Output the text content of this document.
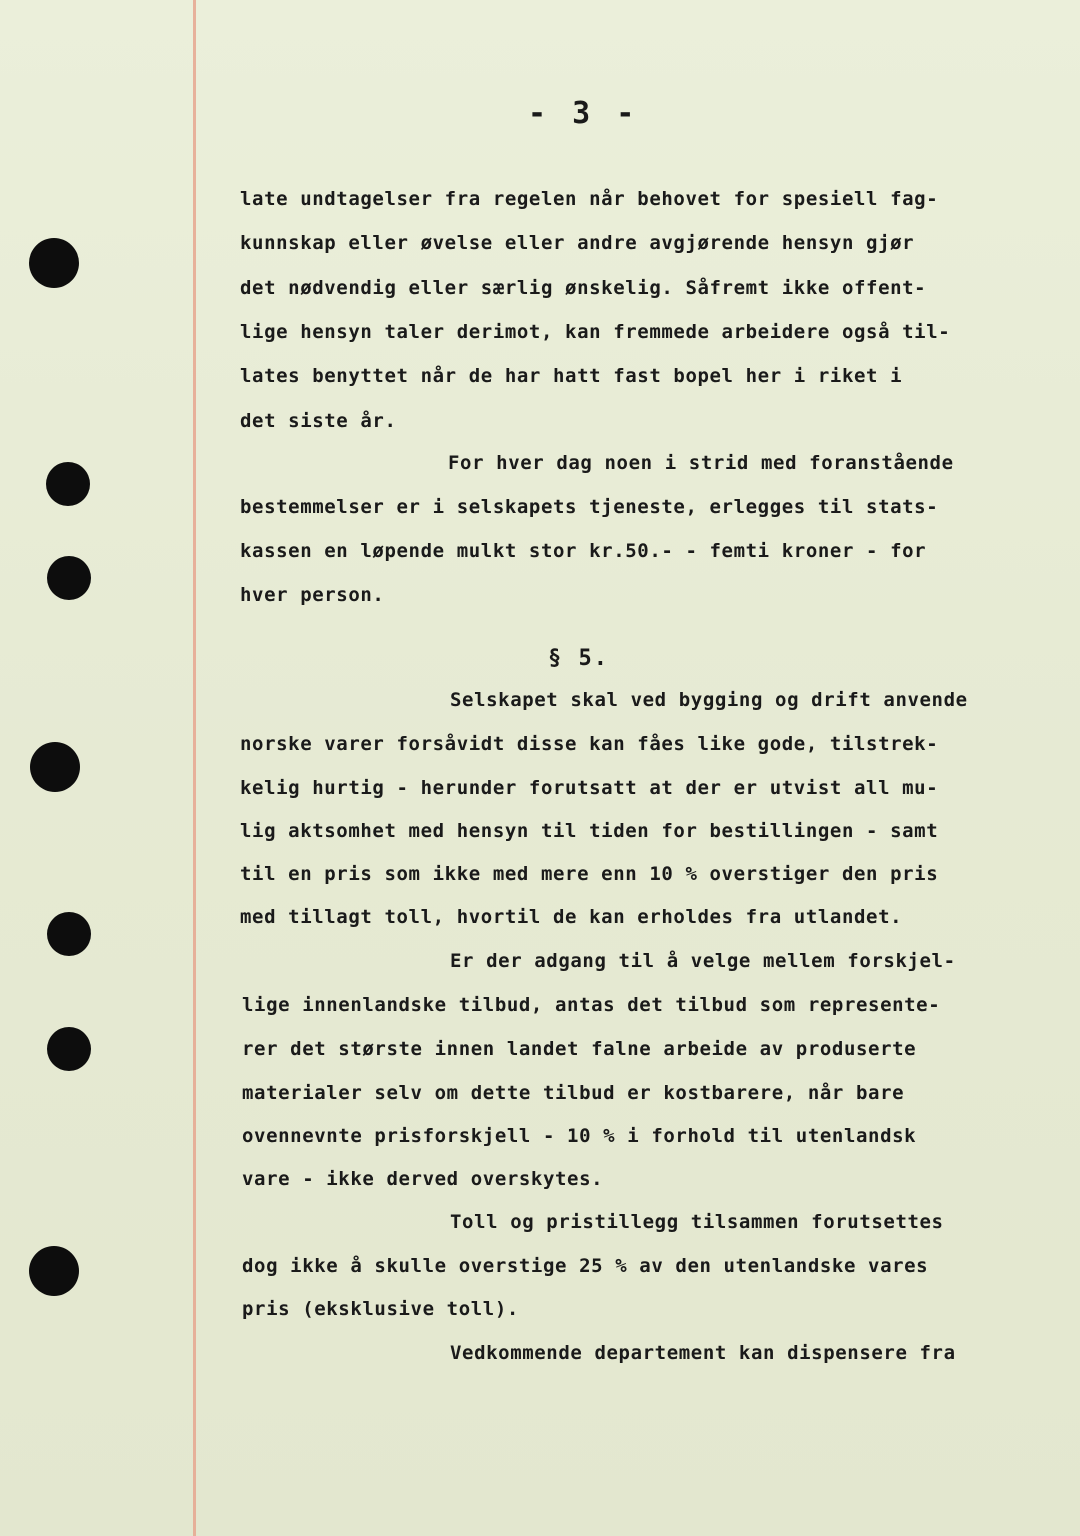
- 3 -
late undtagelser fra regelen når behovet for spesiell fag-
kunnskap eller øvelse eller andre avgjørende hensyn gjør
det nødvendig eller særlig ønskelig. Såfremt ikke offent-
lige hensyn taler derimot, kan fremmede arbeidere også til-
lates benyttet når de har hatt fast bopel her i riket i
det siste år.
For hver dag noen i strid med foranstående
bestemmelser er i selskapets tjeneste, erlegges til stats-
kassen en løpende mulkt stor kr.50.- - femti kroner - for
hver person.
§ 5.
Selskapet skal ved bygging og drift anvende
norske varer forsåvidt disse kan fåes like gode, tilstrek-
kelig hurtig - herunder forutsatt at der er utvist all mu-
lig aktsomhet med hensyn til tiden for bestillingen - samt
til en pris som ikke med mere enn 10 % overstiger den pris
med tillagt toll, hvortil de kan erholdes fra utlandet.
Er der adgang til å velge mellem forskjel-
lige innenlandske tilbud, antas det tilbud som represente-
rer det største innen landet falne arbeide av produserte
materialer selv om dette tilbud er kostbarere, når bare
ovennevnte prisforskjell - 10 % i forhold til utenlandsk
vare - ikke derved overskytes.
Toll og pristillegg tilsammen forutsettes
dog ikke å skulle overstige 25 % av den utenlandske vares
pris (eksklusive toll).
Vedkommende departement kan dispensere fra
